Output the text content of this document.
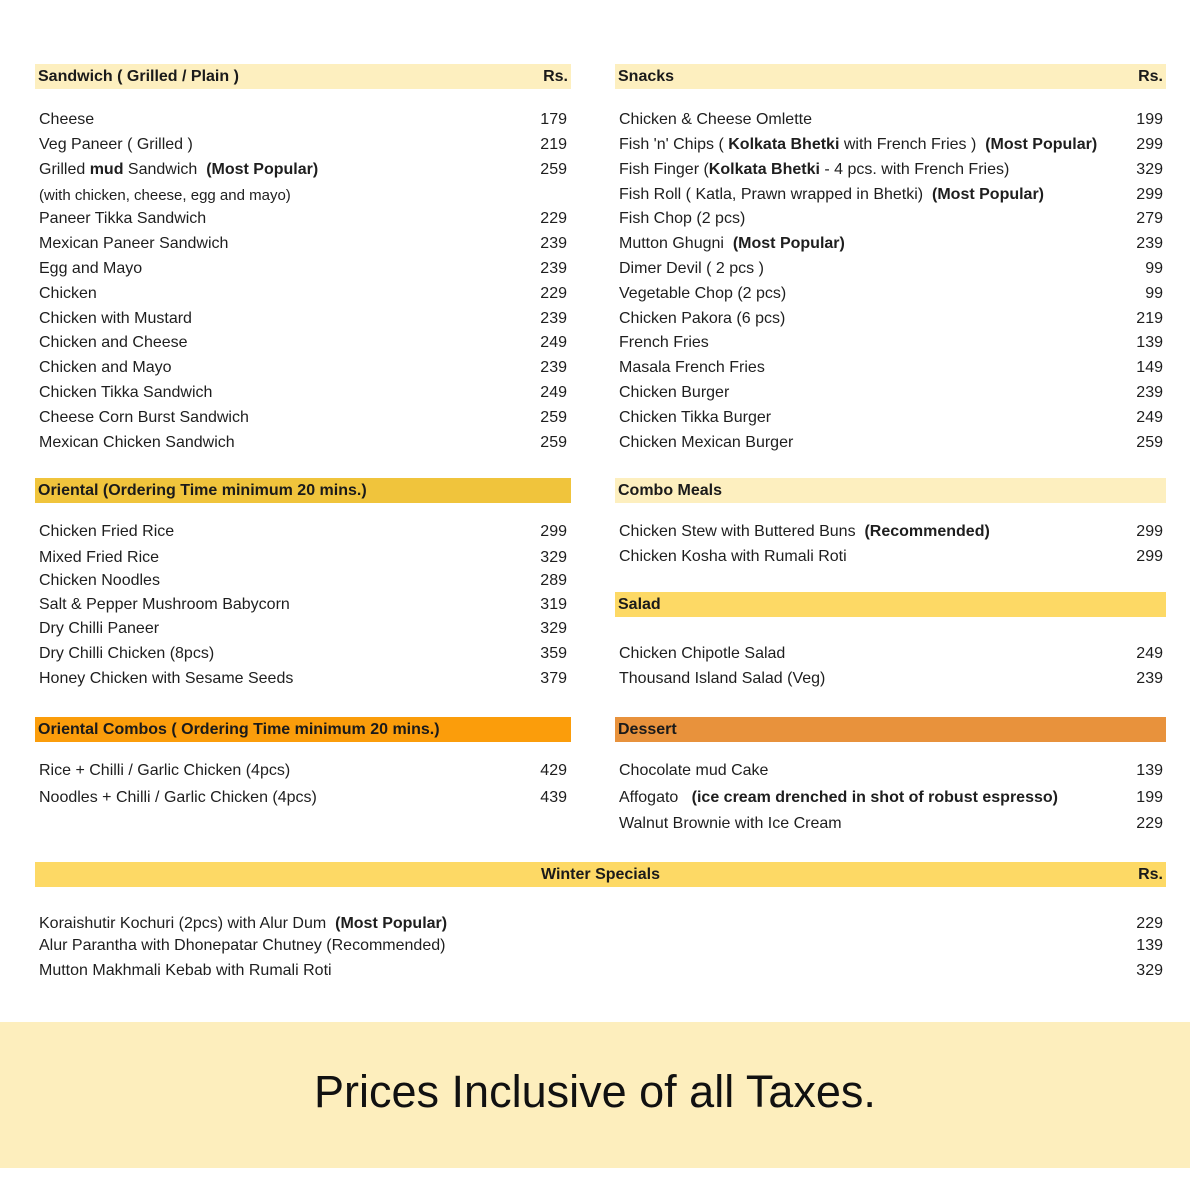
Sandwich ( Grilled / Plain )	Rs.
Cheese	179
Veg Paneer ( Grilled )	219
Grilled mud Sandwich (Most Popular)	259
(with chicken, cheese, egg and mayo)
Paneer Tikka Sandwich	229
Mexican Paneer Sandwich	239
Egg and Mayo	239
Chicken	229
Chicken with Mustard	239
Chicken and Cheese	249
Chicken and Mayo	239
Chicken Tikka Sandwich	249
Cheese Corn Burst Sandwich	259
Mexican Chicken Sandwich	259
Snacks	Rs.
Chicken & Cheese Omlette	199
Fish 'n' Chips ( Kolkata Bhetki with French Fries ) (Most Popular)	299
Fish Finger (Kolkata Bhetki - 4 pcs. with French Fries)	329
Fish Roll ( Katla, Prawn wrapped in Bhetki) (Most Popular)	299
Fish Chop (2 pcs)	279
Mutton Ghugni (Most Popular)	239
Dimer Devil ( 2 pcs )	99
Vegetable Chop (2 pcs)	99
Chicken Pakora (6 pcs)	219
French Fries	139
Masala French Fries	149
Chicken Burger	239
Chicken Tikka Burger	249
Chicken Mexican Burger	259
Oriental (Ordering Time minimum 20 mins.)
Chicken Fried Rice	299
Mixed Fried Rice	329
Chicken Noodles	289
Salt & Pepper Mushroom Babycorn	319
Dry Chilli Paneer	329
Dry Chilli Chicken (8pcs)	359
Honey Chicken with Sesame Seeds	379
Combo Meals
Chicken Stew with Buttered Buns (Recommended)	299
Chicken Kosha with Rumali Roti	299
Salad
Chicken Chipotle Salad	249
Thousand Island Salad (Veg)	239
Oriental Combos ( Ordering Time minimum 20 mins.)
Rice + Chilli / Garlic Chicken (4pcs)	429
Noodles + Chilli / Garlic Chicken (4pcs)	439
Dessert
Chocolate mud Cake	139
Affogato   (ice cream drenched in shot of robust espresso)	199
Walnut Brownie with Ice Cream	229
Winter Specials	Rs.
Koraishutir Kochuri (2pcs) with Alur Dum (Most Popular)	229
Alur Parantha with Dhonepatar Chutney (Recommended)	139
Mutton Makhmali Kebab with Rumali Roti	329
Prices Inclusive of all Taxes.
